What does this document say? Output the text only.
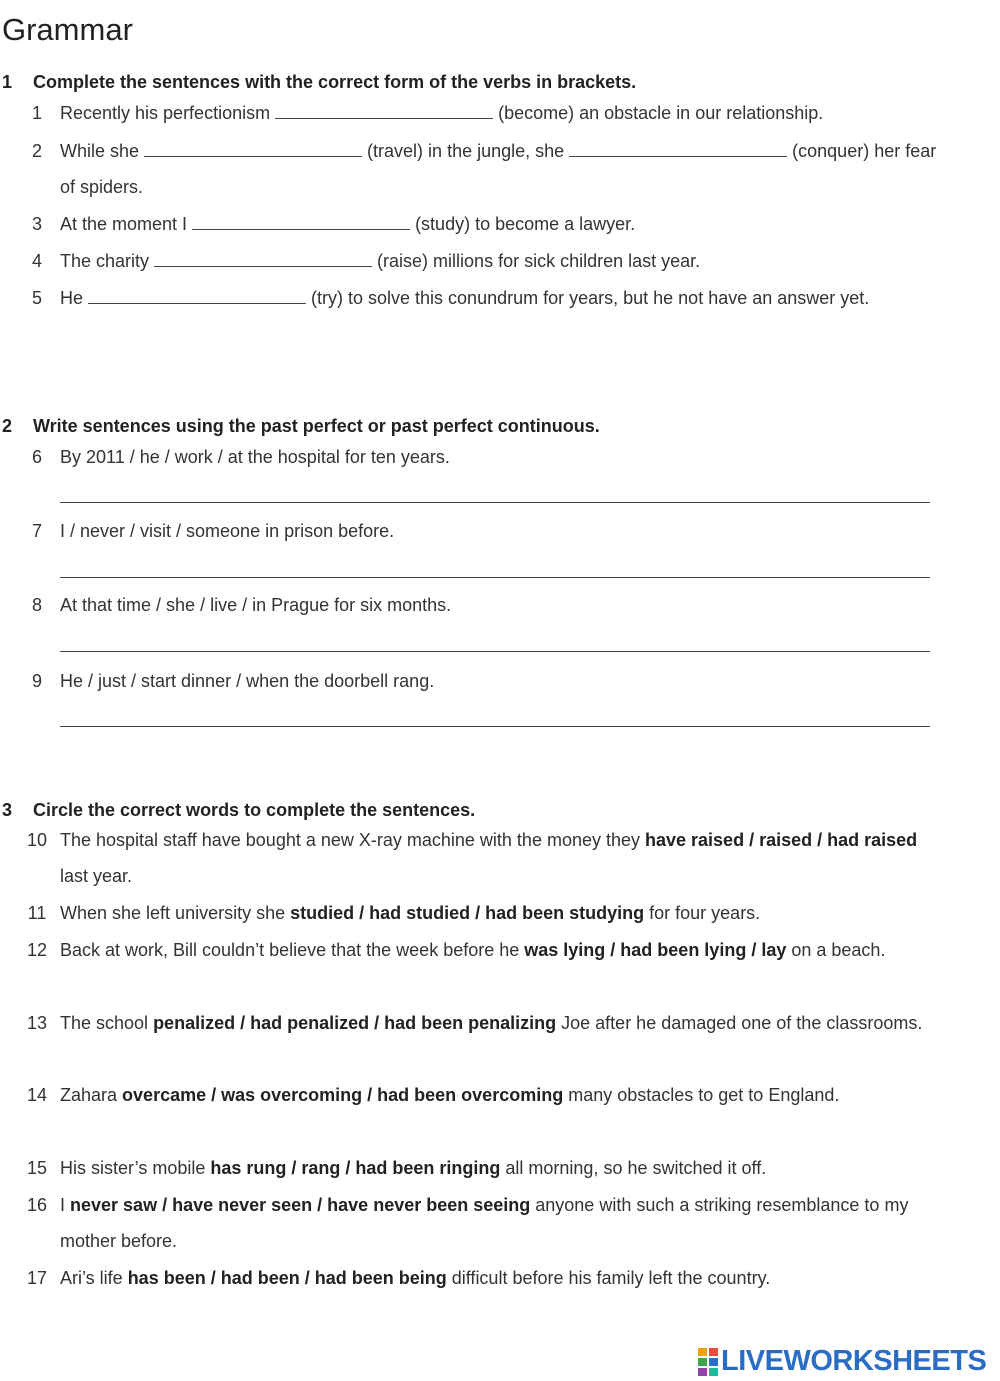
Grammar
1 Complete the sentences with the correct form of the verbs in brackets.
1	Recently his perfectionism	(become) an obstacle in our relationship.
2	While she	(travel) in the jungle, she	(conquer) her fear of spiders.
3	At the moment I	(study) to become a lawyer.
4	The charity	(raise) millions for sick children last year.
5	He	(try) to solve this conundrum for years, but he not have an answer yet.
2 Write sentences using the past perfect or past perfect continuous.
6	By 2011 / he / work / at the hospital for ten years.
7	I / never / visit / someone in prison before.
8	At that time / she / live / in Prague for six months.
9	He / just / start dinner / when the doorbell rang.
3 Circle the correct words to complete the sentences.
10 The hospital staff have bought a new X-ray machine with the money they have raised / raised / had raised last year.
11 When she left university she studied / had studied / had been studying for four years.
12 Back at work, Bill couldn’t believe that the week before he was lying / had been lying / lay on a beach.
13 The school penalized / had penalized / had been penalizing Joe after he damaged one of the classrooms.
14 Zahara overcame / was overcoming / had been overcoming many obstacles to get to England.
15 His sister’s mobile has rung / rang / had been ringing all morning, so he switched it off.
16 I never saw / have never seen / have never been seeing anyone with such a striking resemblance to my mother before.
17 Ari’s life has been / had been / had been being difficult before his family left the country.
LIVEWORKSHEETS
